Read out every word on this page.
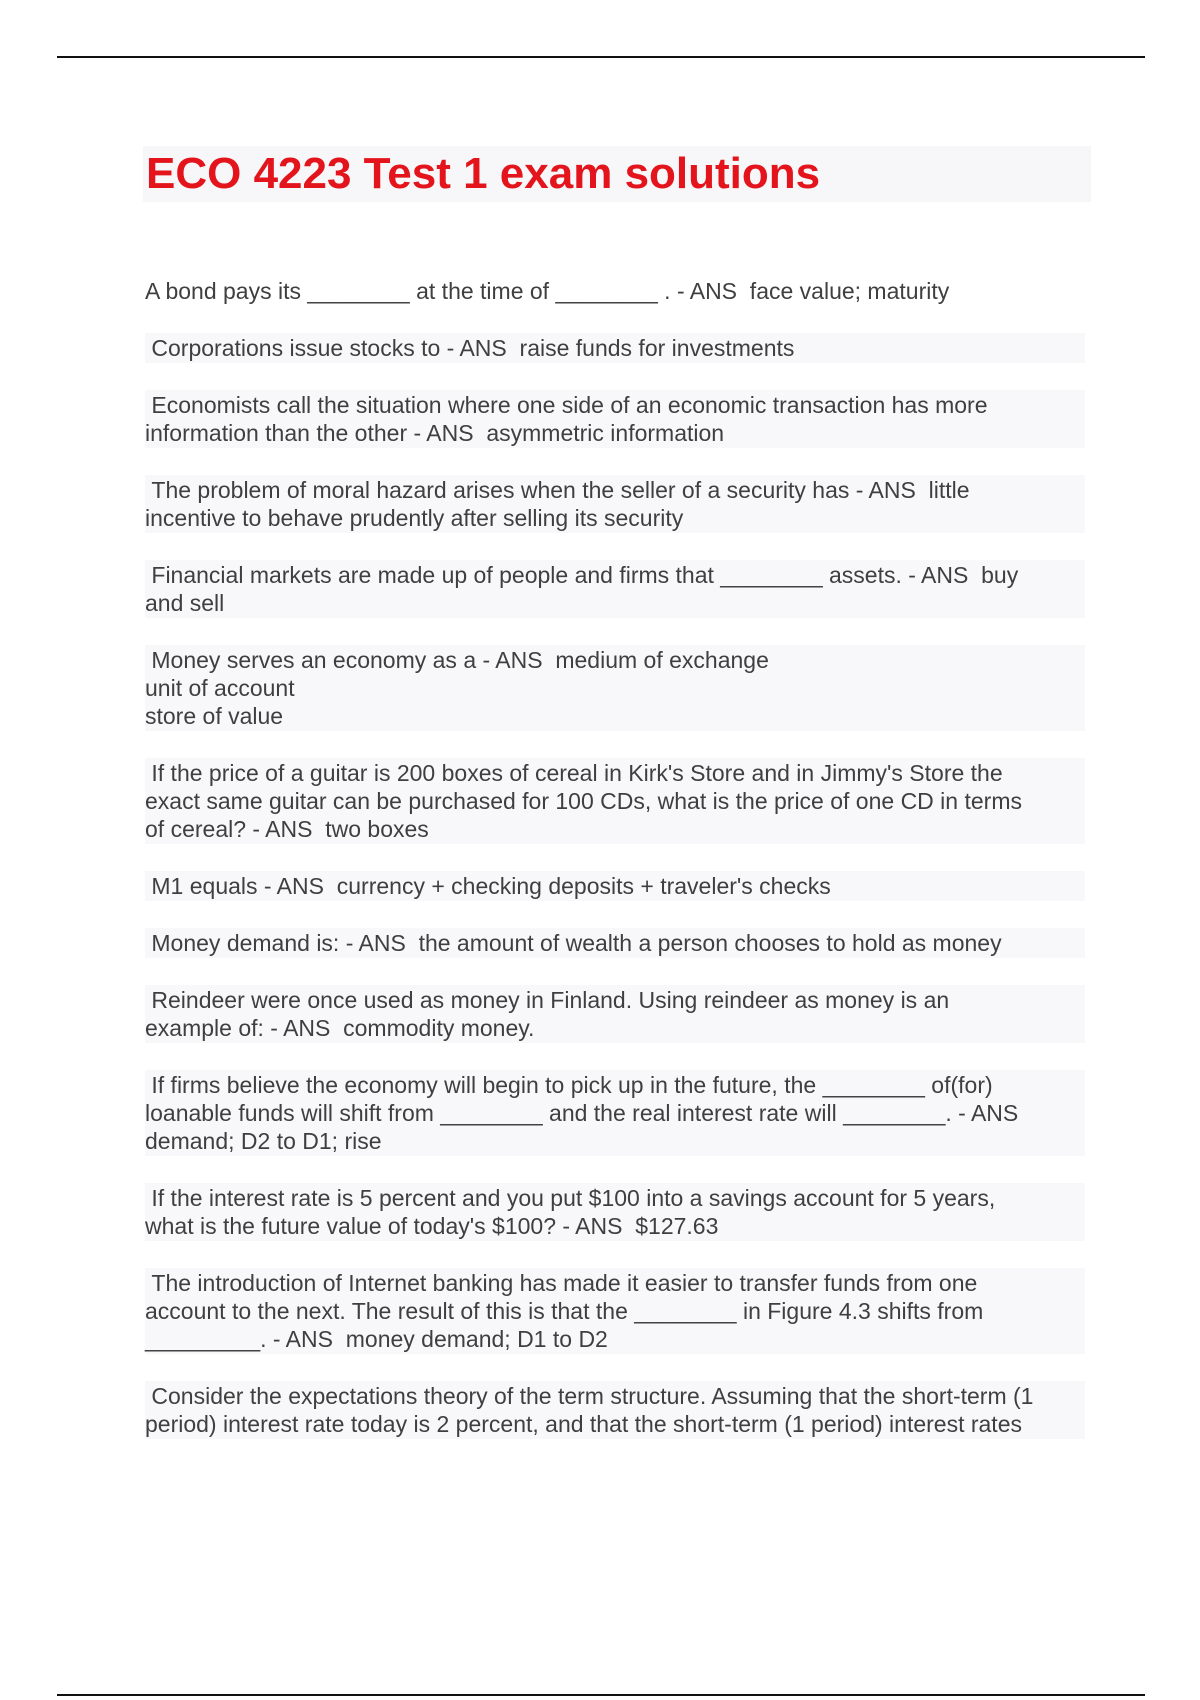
ECO 4223 Test 1 exam solutions

A bond pays its ________ at the time of ________ . - ANS  face value; maturity

Corporations issue stocks to - ANS  raise funds for investments

Economists call the situation where one side of an economic transaction has more
information than the other - ANS  asymmetric information

The problem of moral hazard arises when the seller of a security has - ANS  little
incentive to behave prudently after selling its security

Financial markets are made up of people and firms that ________ assets. - ANS  buy
and sell

Money serves an economy as a - ANS  medium of exchange
unit of account
store of value

If the price of a guitar is 200 boxes of cereal in Kirk's Store and in Jimmy's Store the
exact same guitar can be purchased for 100 CDs, what is the price of one CD in terms
of cereal? - ANS  two boxes

M1 equals - ANS  currency + checking deposits + traveler's checks

Money demand is: - ANS  the amount of wealth a person chooses to hold as money

Reindeer were once used as money in Finland. Using reindeer as money is an
example of: - ANS  commodity money.

If firms believe the economy will begin to pick up in the future, the ________ of(for)
loanable funds will shift from ________ and the real interest rate will ________. - ANS
demand; D2 to D1; rise

If the interest rate is 5 percent and you put $100 into a savings account for 5 years,
what is the future value of today's $100? - ANS  $127.63

The introduction of Internet banking has made it easier to transfer funds from one
account to the next. The result of this is that the ________ in Figure 4.3 shifts from
_________. - ANS  money demand; D1 to D2

Consider the expectations theory of the term structure. Assuming that the short-term (1
period) interest rate today is 2 percent, and that the short-term (1 period) interest rates
